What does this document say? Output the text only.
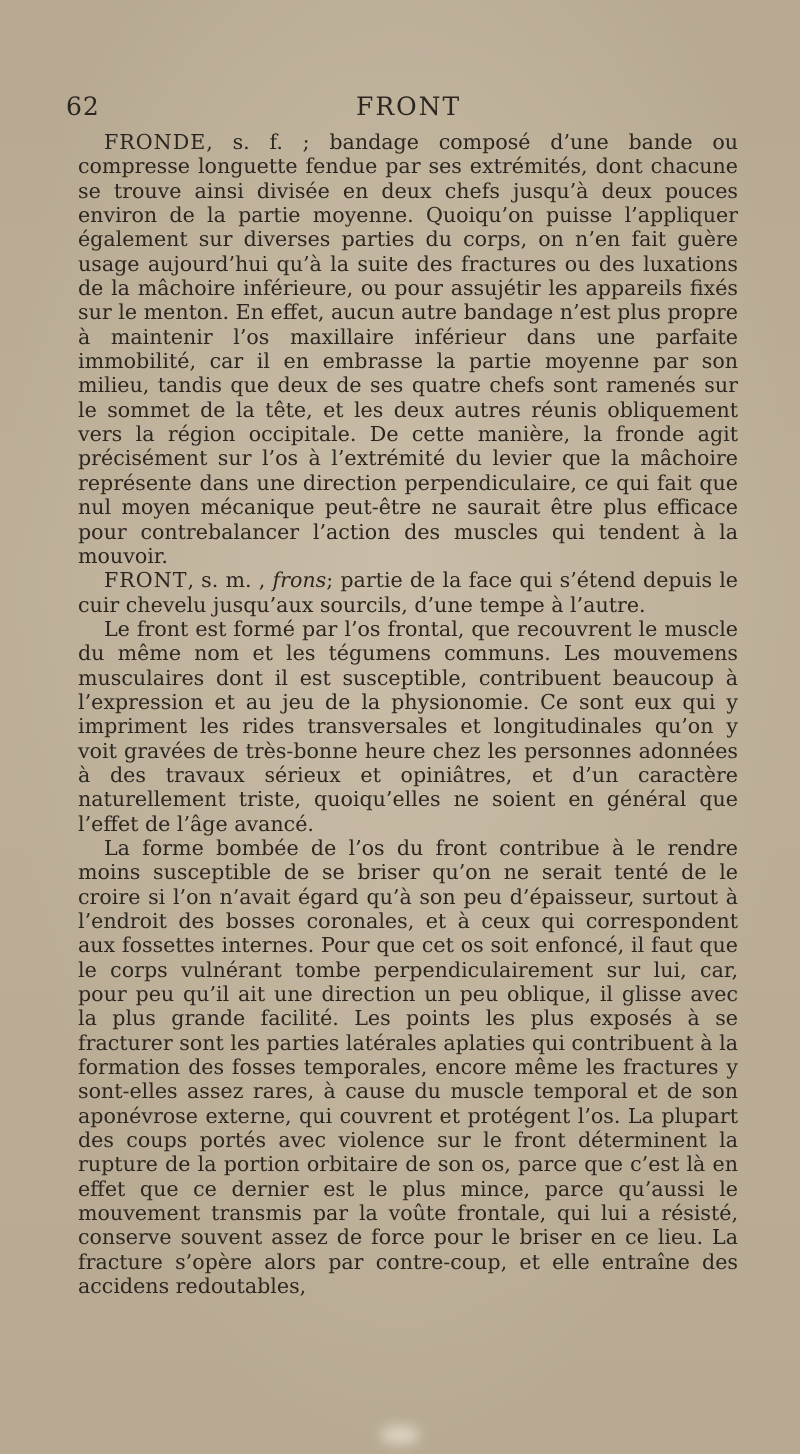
62	FRONT

FRONDE, s. f. ; bandage composé d’une bande ou compresse longuette fendue par ses extrémités, dont chacune se trouve ainsi divisée en deux chefs jusqu’à deux pouces environ de la partie moyenne. Quoiqu’on puisse l’appliquer également sur diverses parties du corps, on n’en fait guère usage aujourd’hui qu’à la suite des fractures ou des luxations de la mâchoire inférieure, ou pour assujétir les appareils fixés sur le menton. En effet, aucun autre bandage n’est plus propre à maintenir l’os maxillaire inférieur dans une parfaite immobilité, car il en embrasse la partie moyenne par son milieu, tandis que deux de ses quatre chefs sont ramenés sur le sommet de la tête, et les deux autres réunis obliquement vers la région occipitale. De cette manière, la fronde agit précisément sur l’os à l’extrémité du levier que la mâchoire représente dans une direction perpendiculaire, ce qui fait que nul moyen mécanique peut-être ne saurait être plus efficace pour contrebalancer l’action des muscles qui tendent à la mouvoir.

FRONT, s. m. , frons; partie de la face qui s’étend depuis le cuir chevelu jusqu’aux sourcils, d’une tempe à l’autre.

Le front est formé par l’os frontal, que recouvrent le muscle du même nom et les tégumens communs. Les mouvemens musculaires dont il est susceptible, contribuent beaucoup à l’expression et au jeu de la physionomie. Ce sont eux qui y impriment les rides transversales et longitudinales qu’on y voit gravées de très-bonne heure chez les personnes adonnées à des travaux sérieux et opiniâtres, et d’un caractère naturellement triste, quoiqu’elles ne soient en général que l’effet de l’âge avancé.

La forme bombée de l’os du front contribue à le rendre moins susceptible de se briser qu’on ne serait tenté de le croire si l’on n’avait égard qu’à son peu d’épaisseur, surtout à l’endroit des bosses coronales, et à ceux qui correspondent aux fossettes internes. Pour que cet os soit enfoncé, il faut que le corps vulnérant tombe perpendiculairement sur lui, car, pour peu qu’il ait une direction un peu oblique, il glisse avec la plus grande facilité. Les points les plus exposés à se fracturer sont les parties latérales aplaties qui contribuent à la formation des fosses temporales, encore même les fractures y sont-elles assez rares, à cause du muscle temporal et de son aponévrose externe, qui couvrent et protégent l’os. La plupart des coups portés avec violence sur le front déterminent la rupture de la portion orbitaire de son os, parce que c’est là en effet que ce dernier est le plus mince, parce qu’aussi le mouvement transmis par la voûte frontale, qui lui a résisté, conserve souvent assez de force pour le briser en ce lieu. La fracture s’opère alors par contre-coup, et elle entraîne des accidens redoutables,
